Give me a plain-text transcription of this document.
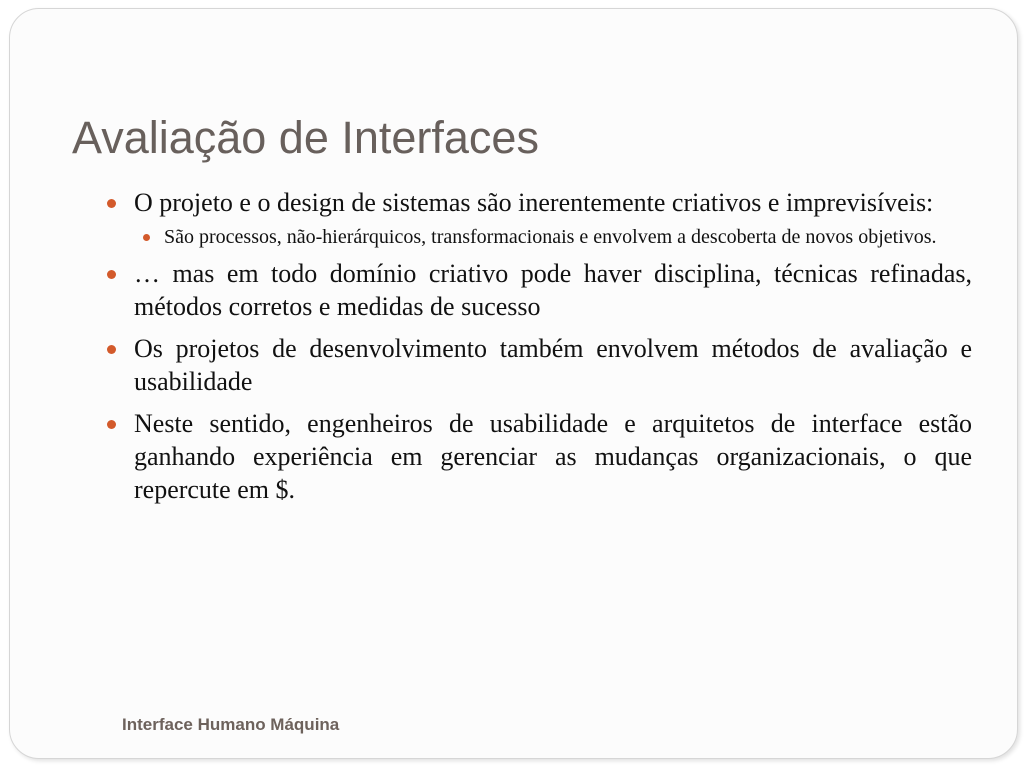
Avaliação de Interfaces
O projeto e o design de sistemas são inerentemente criativos e imprevisíveis:
São processos, não-hierárquicos, transformacionais e envolvem a descoberta de novos objetivos.
… mas em todo domínio criativo pode haver disciplina, técnicas refinadas, métodos corretos e medidas de sucesso
Os projetos de desenvolvimento também envolvem métodos de avaliação e usabilidade
Neste sentido, engenheiros de usabilidade e arquitetos de interface estão ganhando experiência em gerenciar as mudanças organizacionais, o que repercute em $.
Interface Humano Máquina
